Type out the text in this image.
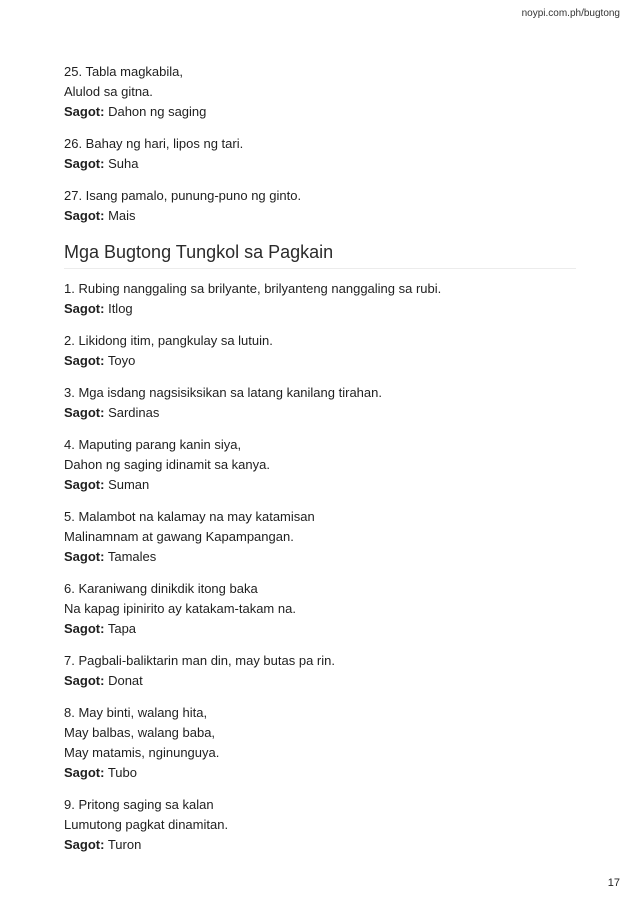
noypi.com.ph/bugtong
25. Tabla magkabila,
Alulod sa gitna.
Sagot: Dahon ng saging
26. Bahay ng hari, lipos ng tari.
Sagot: Suha
27. Isang pamalo, punung-puno ng ginto.
Sagot: Mais
Mga Bugtong Tungkol sa Pagkain
1. Rubing nanggaling sa brilyante, brilyanteng nanggaling sa rubi.
Sagot: Itlog
2. Likidong itim, pangkulay sa lutuin.
Sagot: Toyo
3. Mga isdang nagsisiksikan sa latang kanilang tirahan.
Sagot: Sardinas
4. Maputing parang kanin siya,
Dahon ng saging idinamit sa kanya.
Sagot: Suman
5. Malambot na kalamay na may katamisan
Malinamnam at gawang Kapampangan.
Sagot: Tamales
6. Karaniwang dinikdik itong baka
Na kapag ipinirito ay katakam-takam na.
Sagot: Tapa
7. Pagbali-baliktarin man din, may butas pa rin.
Sagot: Donat
8. May binti, walang hita,
May balbas, walang baba,
May matamis, nginunguya.
Sagot: Tubo
9. Pritong saging sa kalan
Lumutong pagkat dinamitan.
Sagot: Turon
17
